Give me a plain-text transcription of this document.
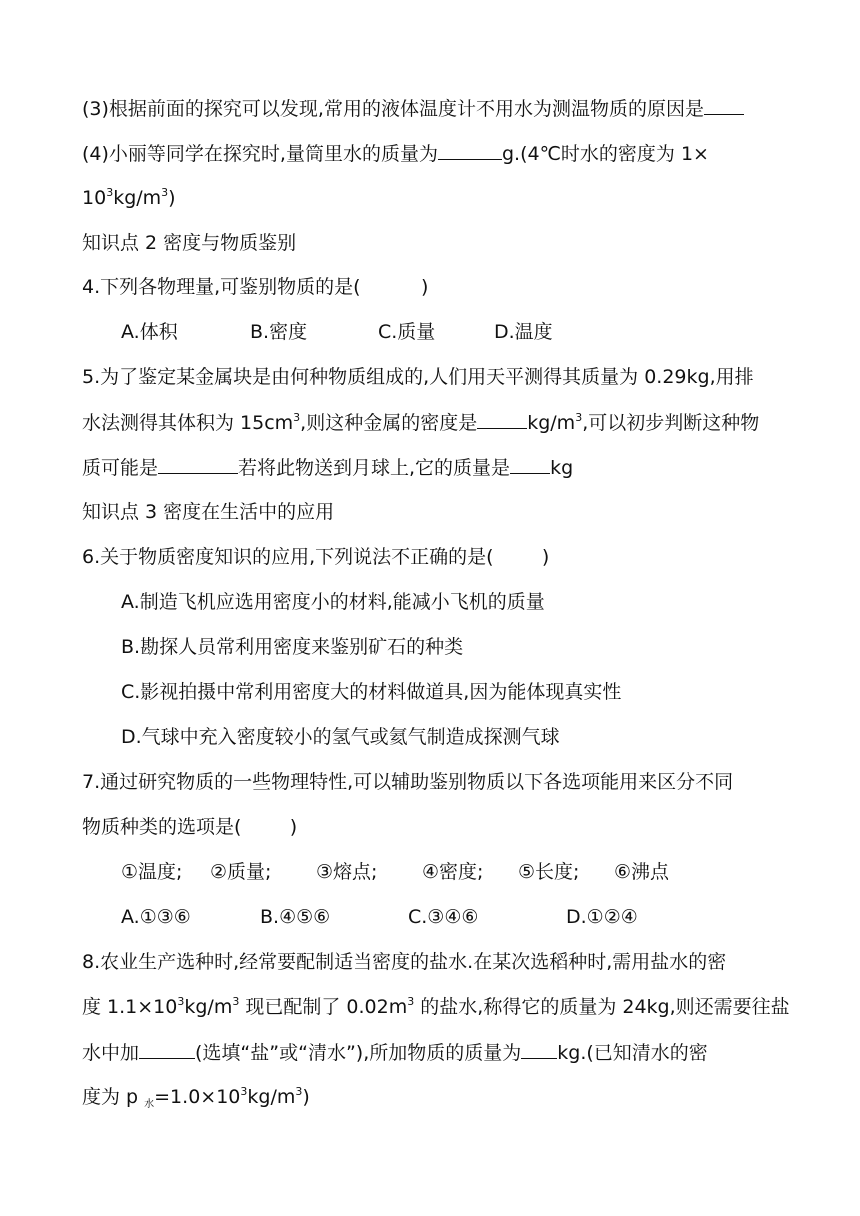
(3)根据前面的探究可以发现,常用的液体温度计不用水为测温物质的原因是
(4)小丽等同学在探究时,量筒里水的质量为	g.(4℃时水的密度为 1×
$10^3kg/m^3$)
知识点 2 密度与物质鉴别
4.下列各物理量,可鉴别物质的是(          )
A.体积	B.密度	C.质量	D.温度
5.为了鉴定某金属块是由何种物质组成的,人们用天平测得其质量为 0.29kg,用排
水法测得其体积为 $15cm^3$,则这种金属的密度是	$kg/m^3$,可以初步判断这种物
质可能是	若将此物送到月球上,它的质量是 kg
知识点 3 密度在生活中的应用
6.关于物质密度知识的应用,下列说法不正确的是(        )
A.制造飞机应选用密度小的材料,能减小飞机的质量
B.勘探人员常利用密度来鉴别矿石的种类
C.影视拍摄中常利用密度大的材料做道具,因为能体现真实性
D.气球中充入密度较小的氢气或氦气制造成探测气球
7.通过研究物质的一些物理特性,可以辅助鉴别物质以下各选项能用来区分不同
物质种类的选项是(        )
①温度; ②质量; ③熔点; ④密度; ⑤长度; ⑥沸点
A.①③⑥	B.④⑤⑥	C.③④⑥	D.①②④
8.农业生产选种时,经常要配制适当密度的盐水.在某次选稻种时,需用盐水的密
度 $1.1\times 10^3kg/m^3$ 现已配制了 $0.02m^3$ 的盐水,称得它的质量为 24kg,则还需要往盐
水中加	(选填“盐”或“清水”),所加物质的质量为 kg.(已知清水的密
度为 p $_水=1.0\times 10^3kg/m^3$)
